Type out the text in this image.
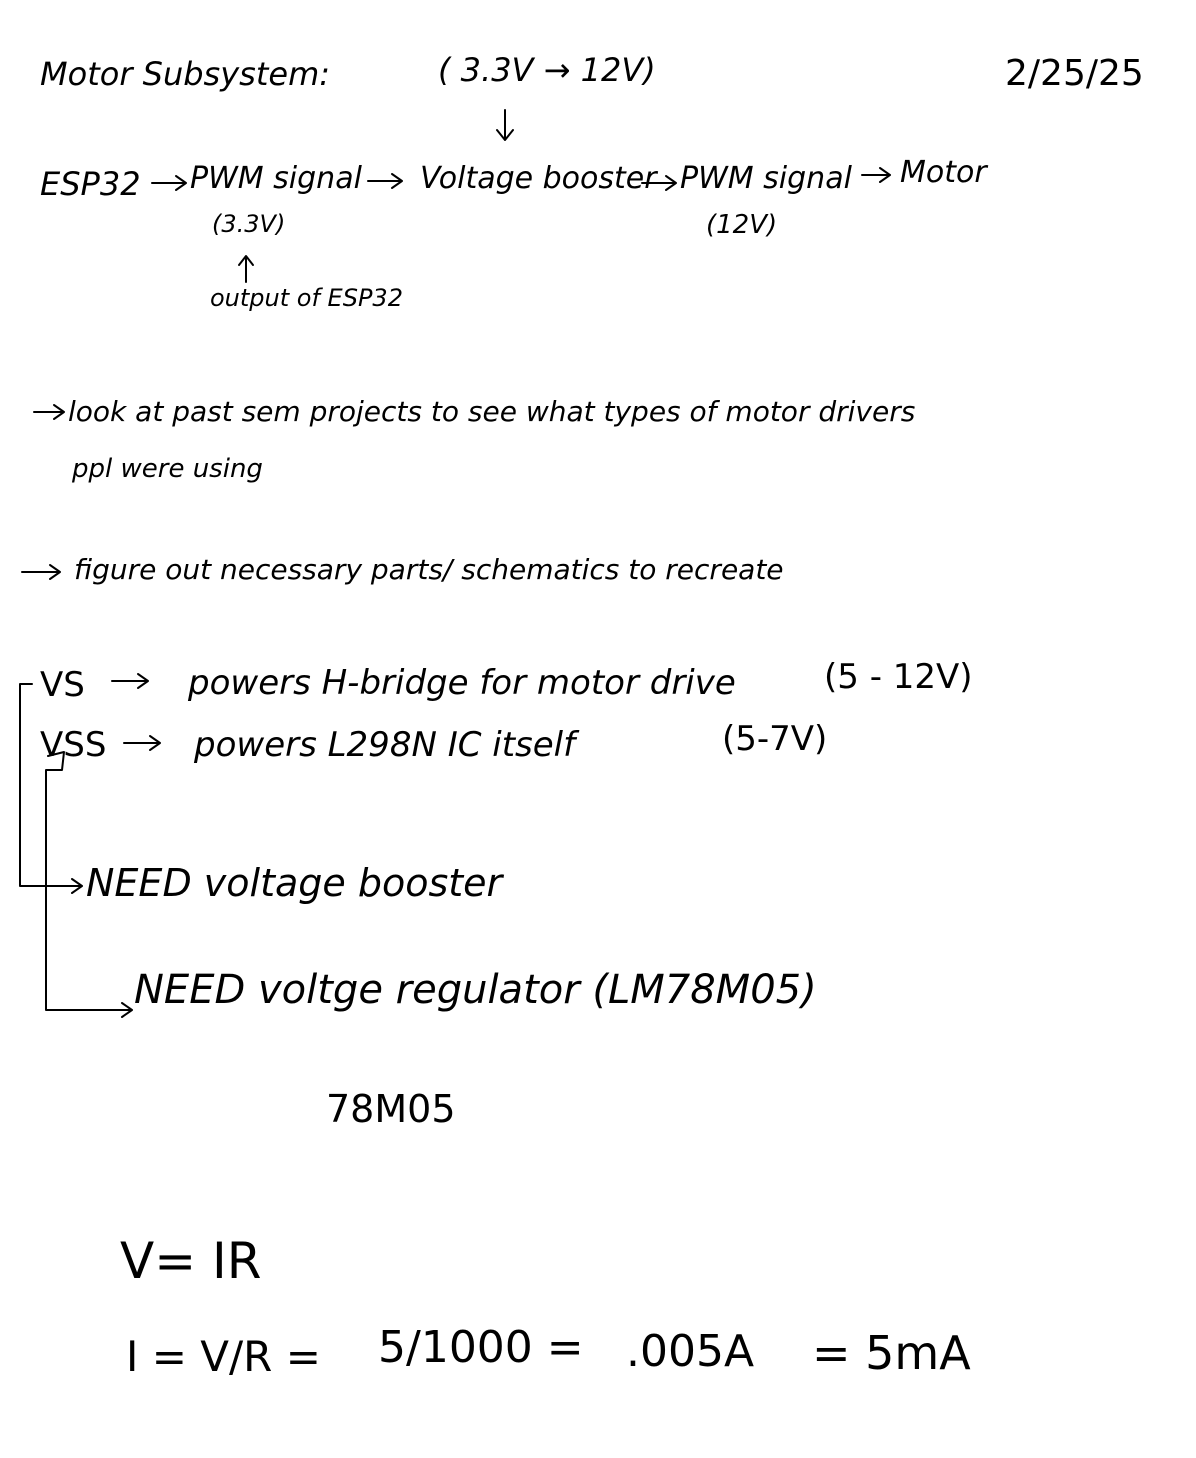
Motor Subsystem:	( 3.3V → 12V)	2/25/25
ESP32 PWM signal Voltage booster PWM signal Motor
(3.3V)	(12V)
output of ESP32
look at past sem projects to see what types of motor drivers
ppl were using
figure out necessary parts/ schematics to recreate
VS	powers H-bridge for motor drive	(5 - 12V)
VSS	powers L298N IC itself	(5-7V)
NEED voltage booster
NEED voltge regulator (LM78M05)
78M05
V= IR
I = V/R = 5/1000 = .005A = 5mA
